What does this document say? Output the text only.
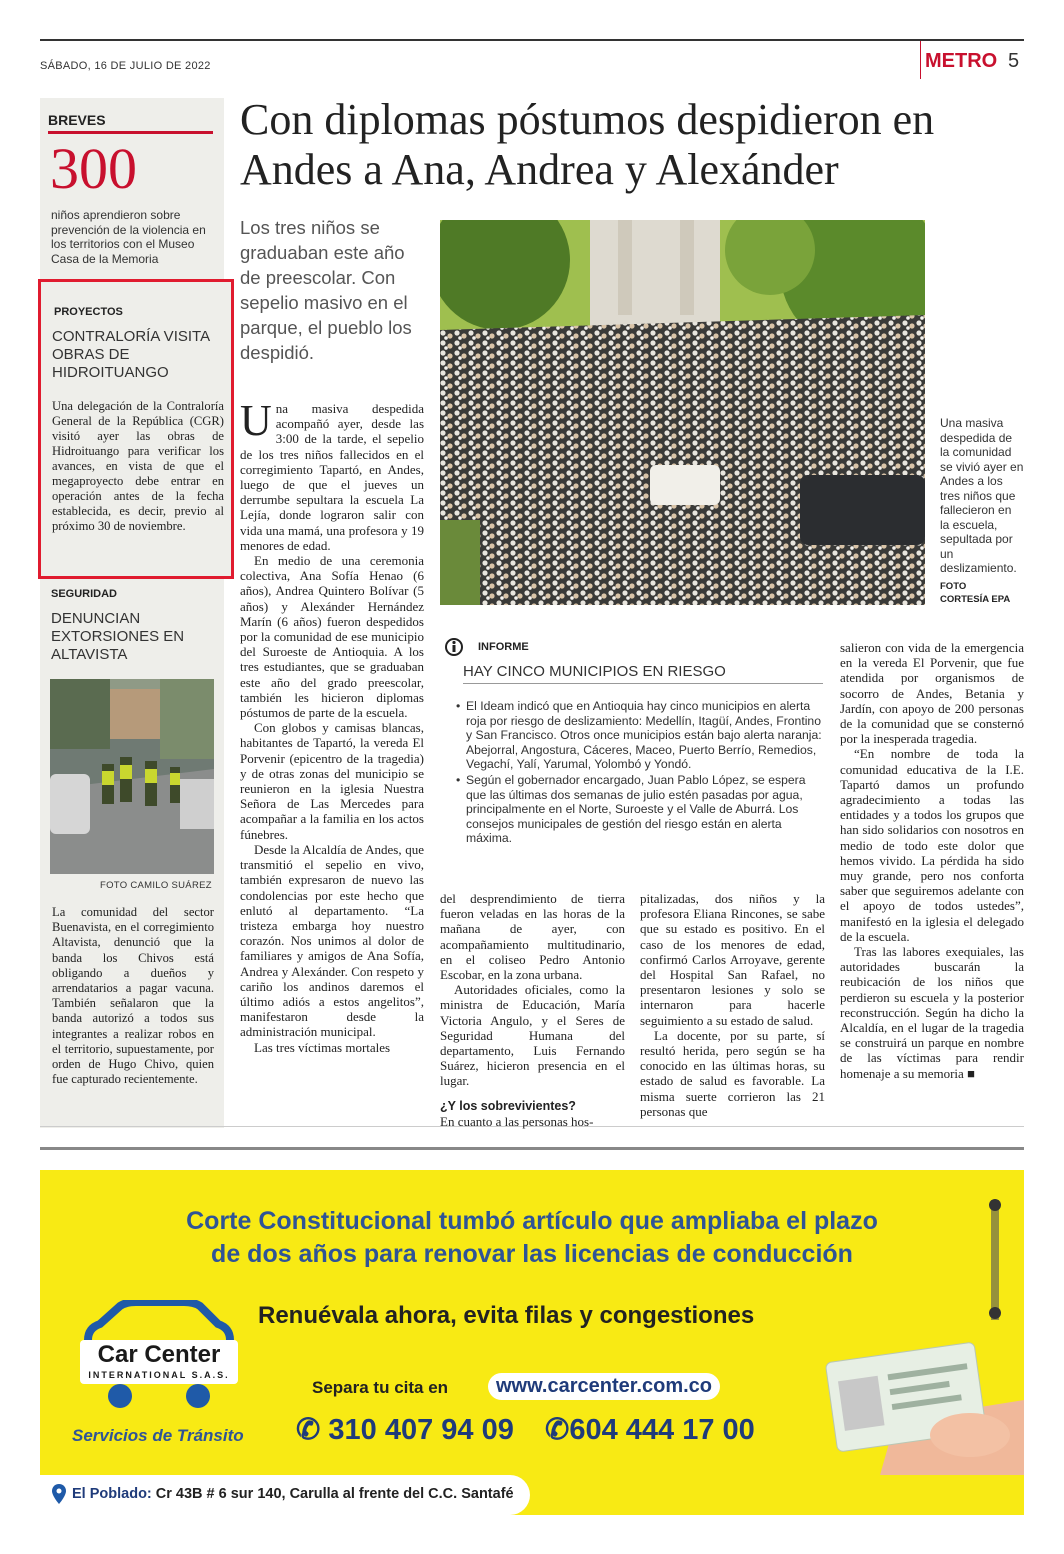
SÁBADO, 16 DE JULIO DE 2022	METRO 5
BREVES
300
niños aprendieron sobre prevención de la violencia en los territorios con el Museo Casa de la Memoria
PROYECTOS
CONTRALORÍA VISITA OBRAS DE HIDROITUANGO
Una delegación de la Contraloría General de la República (CGR) visitó ayer las obras de Hidroituango para verificar los avances, en vista de que el megaproyecto debe entrar en operación antes de la fecha establecida, es decir, previo al próximo 30 de noviembre.
SEGURIDAD
DENUNCIAN EXTORSIONES EN ALTAVISTA
FOTO CAMILO SUÁREZ
La comunidad del sector Buenavista, en el corregimiento Altavista, denunció que la banda los Chivos está obligando a dueños y arrendatarios a pagar vacuna. También señalaron que la banda autorizó a todos sus integrantes a realizar robos en el territorio, supuestamente, por orden de Hugo Chivo, quien fue capturado recientemente.
Con diplomas póstumos despidieron en Andes a Ana, Andrea y Alexánder
Los tres niños se graduaban este año de preescolar. Con sepelio masivo en el parque, el pueblo los despidió.
Una masiva despedida de la comunidad se vivió ayer en Andes a los tres niños que fallecieron en la escuela, sepultada por un deslizamiento.
FOTO
CORTESÍA EPA
U na masiva despedida acompañó ayer, desde las 3:00 de la tarde, el sepelio de los tres niños fallecidos en el corregimiento Tapartó, en Andes, luego de que el jueves un derrumbe sepultara la escuela La Lejía, donde lograron salir con vida una mamá, una profesora y 19 menores de edad.

En medio de una ceremonia colectiva, Ana Sofía Henao (6 años), Andrea Quintero Bolívar (5 años) y Alexánder Hernández Marín (6 años) fueron despedidos por la comunidad de ese municipio del Suroeste de Antioquia. A los tres estudiantes, que se graduaban este año del grado preescolar, también les hicieron diplomas póstumos de parte de la escuela.

Con globos y camisas blancas, habitantes de Tapartó, la vereda El Porvenir (epicentro de la tragedia) y de otras zonas del municipio se reunieron en la iglesia Nuestra Señora de Las Mercedes para acompañar a la familia en los actos fúnebres.

Desde la Alcaldía de Andes, que transmitió el sepelio en vivo, también expresaron de nuevo las condolencias por este hecho que enlutó al departamento. “La tristeza embarga hoy nuestro corazón. Nos unimos al dolor de familiares y amigos de Ana Sofía, Andrea y Alexánder. Con respeto y cariño los andinos daremos el último adiós a estos angelitos”, manifestaron desde la administración municipal.

Las tres víctimas mortales

INFORME
HAY CINCO MUNICIPIOS EN RIESGO
• El Ideam indicó que en Antioquia hay cinco municipios en alerta roja por riesgo de deslizamiento: Medellín, Itagüí, Andes, Frontino y San Francisco. Otros once municipios están bajo alerta naranja: Abejorral, Angostura, Cáceres, Maceo, Puerto Berrío, Remedios, Vegachí, Yalí, Yarumal, Yolombó y Yondó.
• Según el gobernador encargado, Juan Pablo López, se espera que las últimas dos semanas de julio estén pasadas por agua, principalmente en el Norte, Suroeste y el Valle de Aburrá. Los consejos municipales de gestión del riesgo están en alerta máxima.

del desprendimiento de tierra fueron veladas en las horas de la mañana de ayer, con acompañamiento multitudinario, en el coliseo Pedro Antonio Escobar, en la zona urbana.

Autoridades oficiales, como la ministra de Educación, María Victoria Angulo, y el Seres de Seguridad Humana del departamento, Luis Fernando Suárez, hicieron presencia en el lugar.

¿Y los sobrevivientes?

En cuanto a las personas hos-

pitalizadas, dos niños y la profesora Eliana Rincones, se sabe que su estado es positivo. En el caso de los menores de edad, confirmó Carlos Arroyave, gerente del Hospital San Rafael, no presentaron lesiones y solo se internaron para hacerle seguimiento a su estado de salud.

La docente, por su parte, sí resultó herida, pero según se ha conocido en las últimas horas, su estado de salud es favorable. La misma suerte corrieron las 21 personas que

salieron con vida de la emergencia en la vereda El Porvenir, que fue atendida por organismos de socorro de Andes, Betania y Jardín, con apoyo de 200 personas de la comunidad que se consternó por la inesperada tragedia.

“En nombre de toda la comunidad educativa de la I.E. Tapartó damos un profundo agradecimiento a todas las entidades y a todos los grupos que han sido solidarios con nosotros en medio de todo este dolor que hemos vivido. La pérdida ha sido muy grande, pero nos conforta saber que seguiremos adelante con el apoyo de todos ustedes”, manifestó en la iglesia el delegado de la escuela.

Tras las labores exequiales, las autoridades buscarán la reubicación de los niños que perdieron su escuela y la posterior reconstrucción. Según ha dicho la Alcaldía, en el lugar de la tragedia se construirá un parque en nombre de las víctimas para rendir homenaje a su memoria ■

Corte Constitucional tumbó artículo que ampliaba el plazo
de dos años para renovar las licencias de conducción
Renuévala ahora, evita filas y congestiones
Separa tu cita en	www.carcenter.com.co
✆ 310 407 94 09 ✆604 444 17 00
Car Center
INTERNATIONAL S.A.S.
Servicios de Tránsito
El Poblado: Cr 43B # 6 sur 140, Carulla al frente del C.C. Santafé
